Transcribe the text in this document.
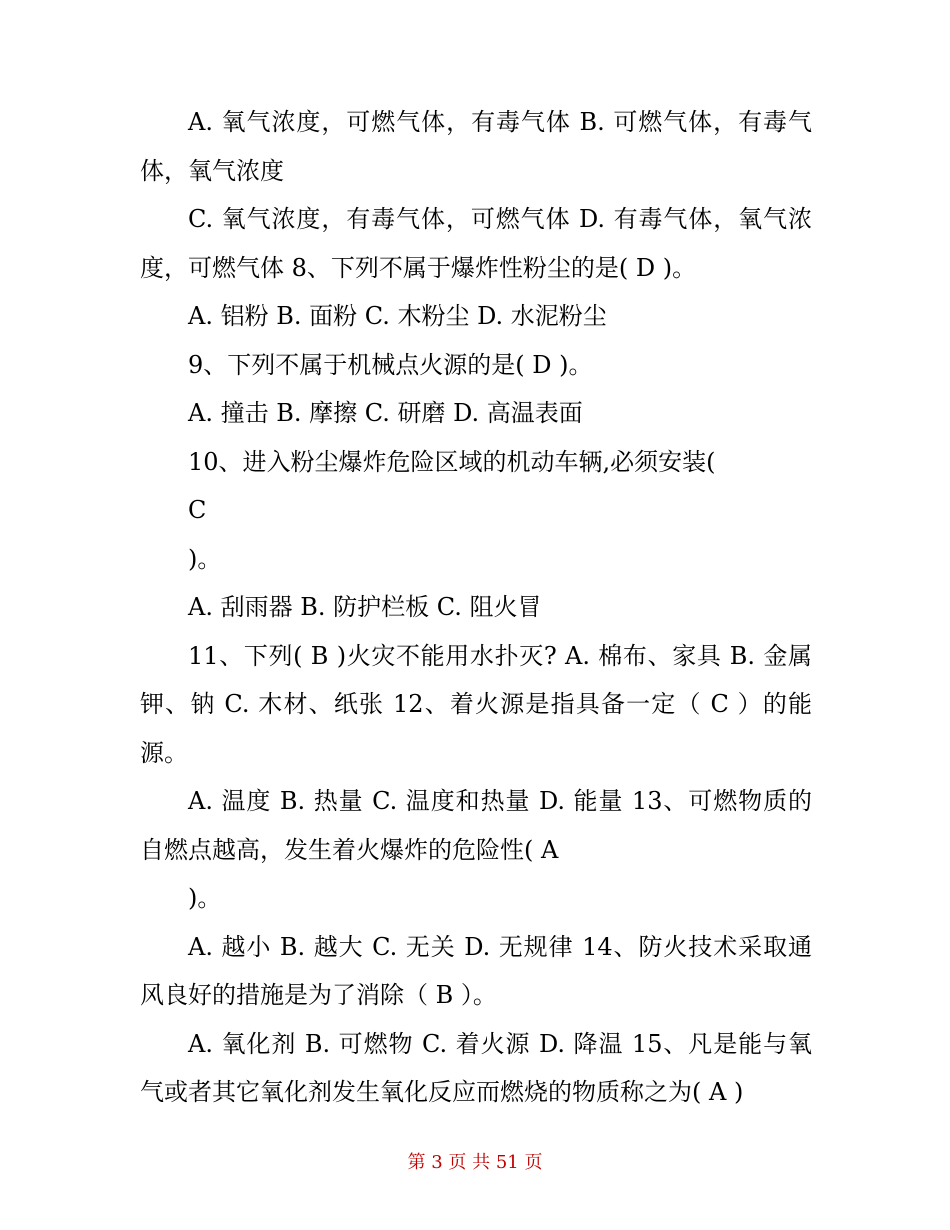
A. 氧气浓度，可燃气体，有毒气体 B. 可燃气体，有毒气体，氧气浓度

C. 氧气浓度，有毒气体，可燃气体 D. 有毒气体，氧气浓度，可燃气体 8、下列不属于爆炸性粉尘的是( D )。

A. 铝粉 B. 面粉 C. 木粉尘 D. 水泥粉尘

9、下列不属于机械点火源的是( D )。

A. 撞击 B. 摩擦 C. 研磨 D. 高温表面

10、进入粉尘爆炸危险区域的机动车辆,必须安装(

C

)。

A. 刮雨器 B. 防护栏板 C. 阻火冒

11、下列( B )火灾不能用水扑灭? A. 棉布、家具 B. 金属钾、钠 C. 木材、纸张 12、着火源是指具备一定（ C ）的能源。

A. 温度 B. 热量 C. 温度和热量 D. 能量 13、可燃物质的自燃点越高，发生着火爆炸的危险性( A

)。

A. 越小 B. 越大 C. 无关 D. 无规律 14、防火技术采取通风良好的措施是为了消除（ B ）。

A. 氧化剂 B. 可燃物 C. 着火源 D. 降温 15、凡是能与氧气或者其它氧化剂发生氧化反应而燃烧的物质称之为( A )

第 3 页 共 51 页
